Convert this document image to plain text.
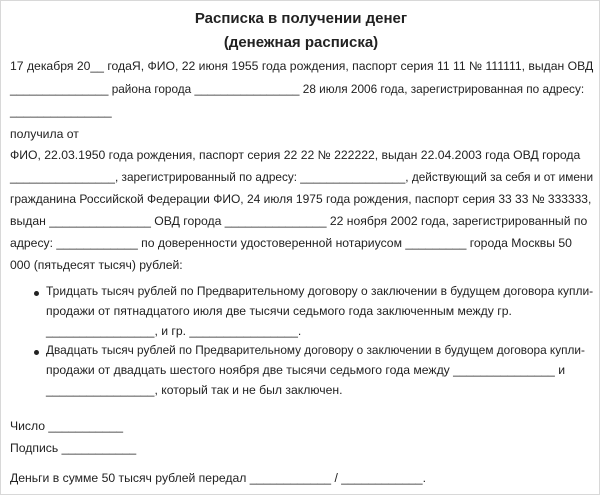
Расписка в получении денег
(денежная расписка)
17 декабря 20__ годаЯ, ФИО, 22 июня 1955 года рождения, паспорт серия 11 11 № 111111, выдан ОВД
_______________ района города ________________ 28 июля 2006 года, зарегистрированная по адресу:
_______________
получила от
ФИО, 22.03.1950 года рождения, паспорт серия 22 22 № 222222, выдан 22.04.2003 года ОВД города
________________, зарегистрированный по адресу: ________________, действующий за себя и от имени
гражданина Российской Федерации ФИО, 24 июля 1975 года рождения, паспорт серия 33 33 № 333333,
выдан _______________ ОВД города _______________ 22 ноября 2002 года, зарегистрированный по
адресу: ____________ по доверенности удостоверенной нотариусом _________ города Москвы 50
000 (пятьдесят тысяч) рублей:
Тридцать тысяч рублей по Предварительному договору о заключении в будущем договора купли-
продажи от пятнадцатого июля две тысячи седьмого года заключенным между гр.
________________, и гр. ________________.
Двадцать тысяч рублей по Предварительному договору о заключении в будущем договора купли-
продажи от двадцать шестого ноября две тысячи седьмого года между _______________ и
________________, который так и не был заключен.
Число ___________
Подпись ___________
Деньги в сумме 50 тысяч рублей передал ____________ / ____________.
